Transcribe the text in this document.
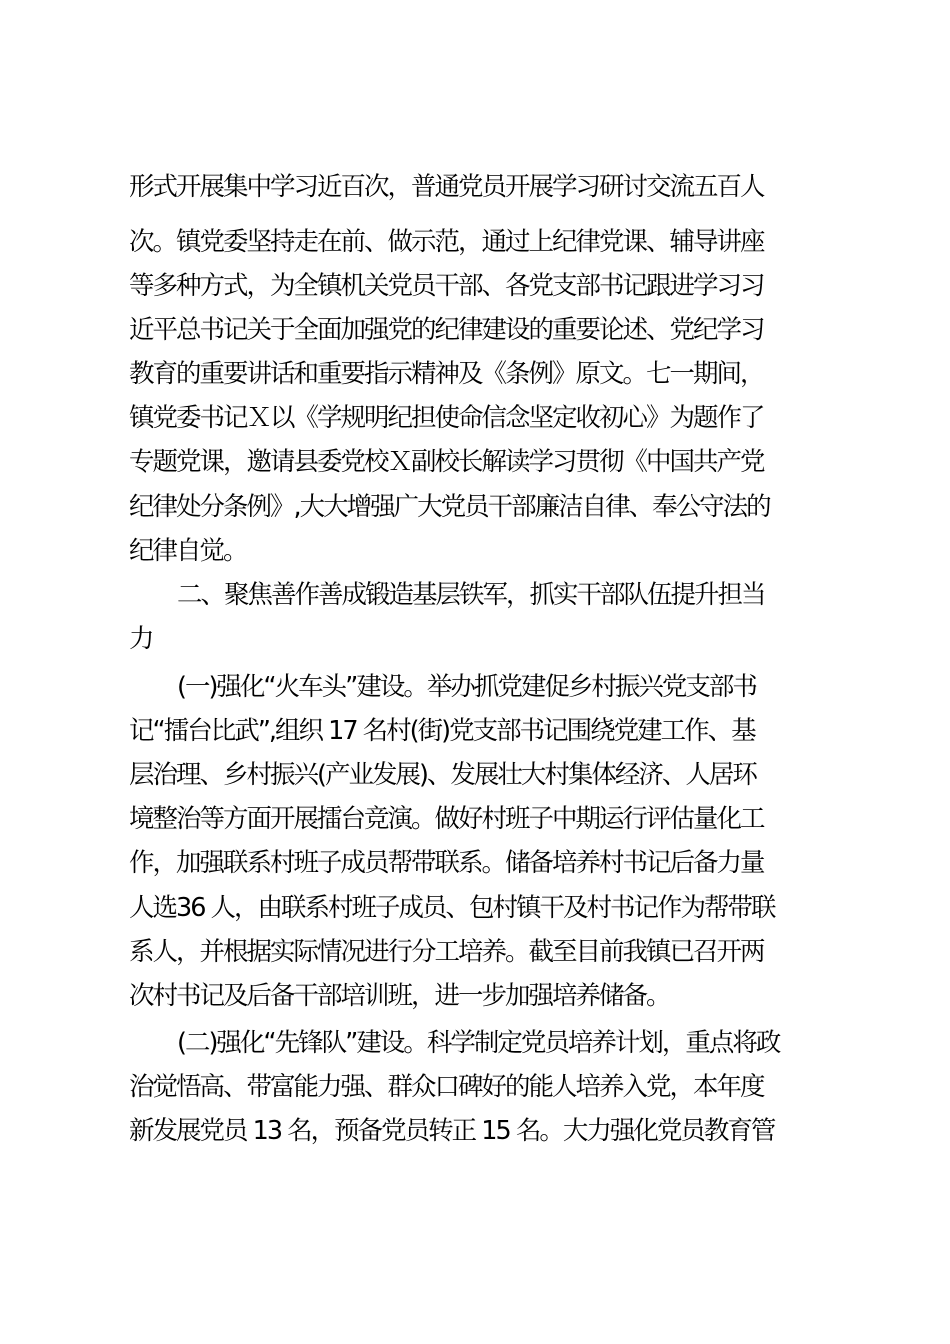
形式开展集中学习近百次，普通党员开展学习研讨交流五百人
次。镇党委坚持走在前、做示范，通过上纪律党课、辅导讲座
等多种方式，为全镇机关党员干部、各党支部书记跟进学习习
近平总书记关于全面加强党的纪律建设的重要论述、党纪学习
教育的重要讲话和重要指示精神及《条例》原文。七一期间，
镇党委书记Ｘ以《学规明纪担使命信念坚定收初心》为题作了
专题党课，邀请县委党校Ｘ副校长解读学习贯彻《中国共产党
纪律处分条例》,大大增强广大党员干部廉洁自律、奉公守法的
纪律自觉。
二、聚焦善作善成锻造基层铁军，抓实干部队伍提升担当
力
(一)强化“火车头”建设。举办抓党建促乡村振兴党支部书
记“擂台比武”,组织 17 名村(街)党支部书记围绕党建工作、基
层治理、乡村振兴(产业发展)、发展壮大村集体经济、人居环
境整治等方面开展擂台竞演。做好村班子中期运行评估量化工
作，加强联系村班子成员帮带联系。储备培养村书记后备力量
人选36 人，由联系村班子成员、包村镇干及村书记作为帮带联
系人，并根据实际情况进行分工培养。截至目前我镇已召开两
次村书记及后备干部培训班，进一步加强培养储备。
(二)强化“先锋队”建设。科学制定党员培养计划，重点将政
治觉悟高、带富能力强、群众口碑好的能人培养入党，本年度
新发展党员 13 名，预备党员转正 15 名。大力强化党员教育管
